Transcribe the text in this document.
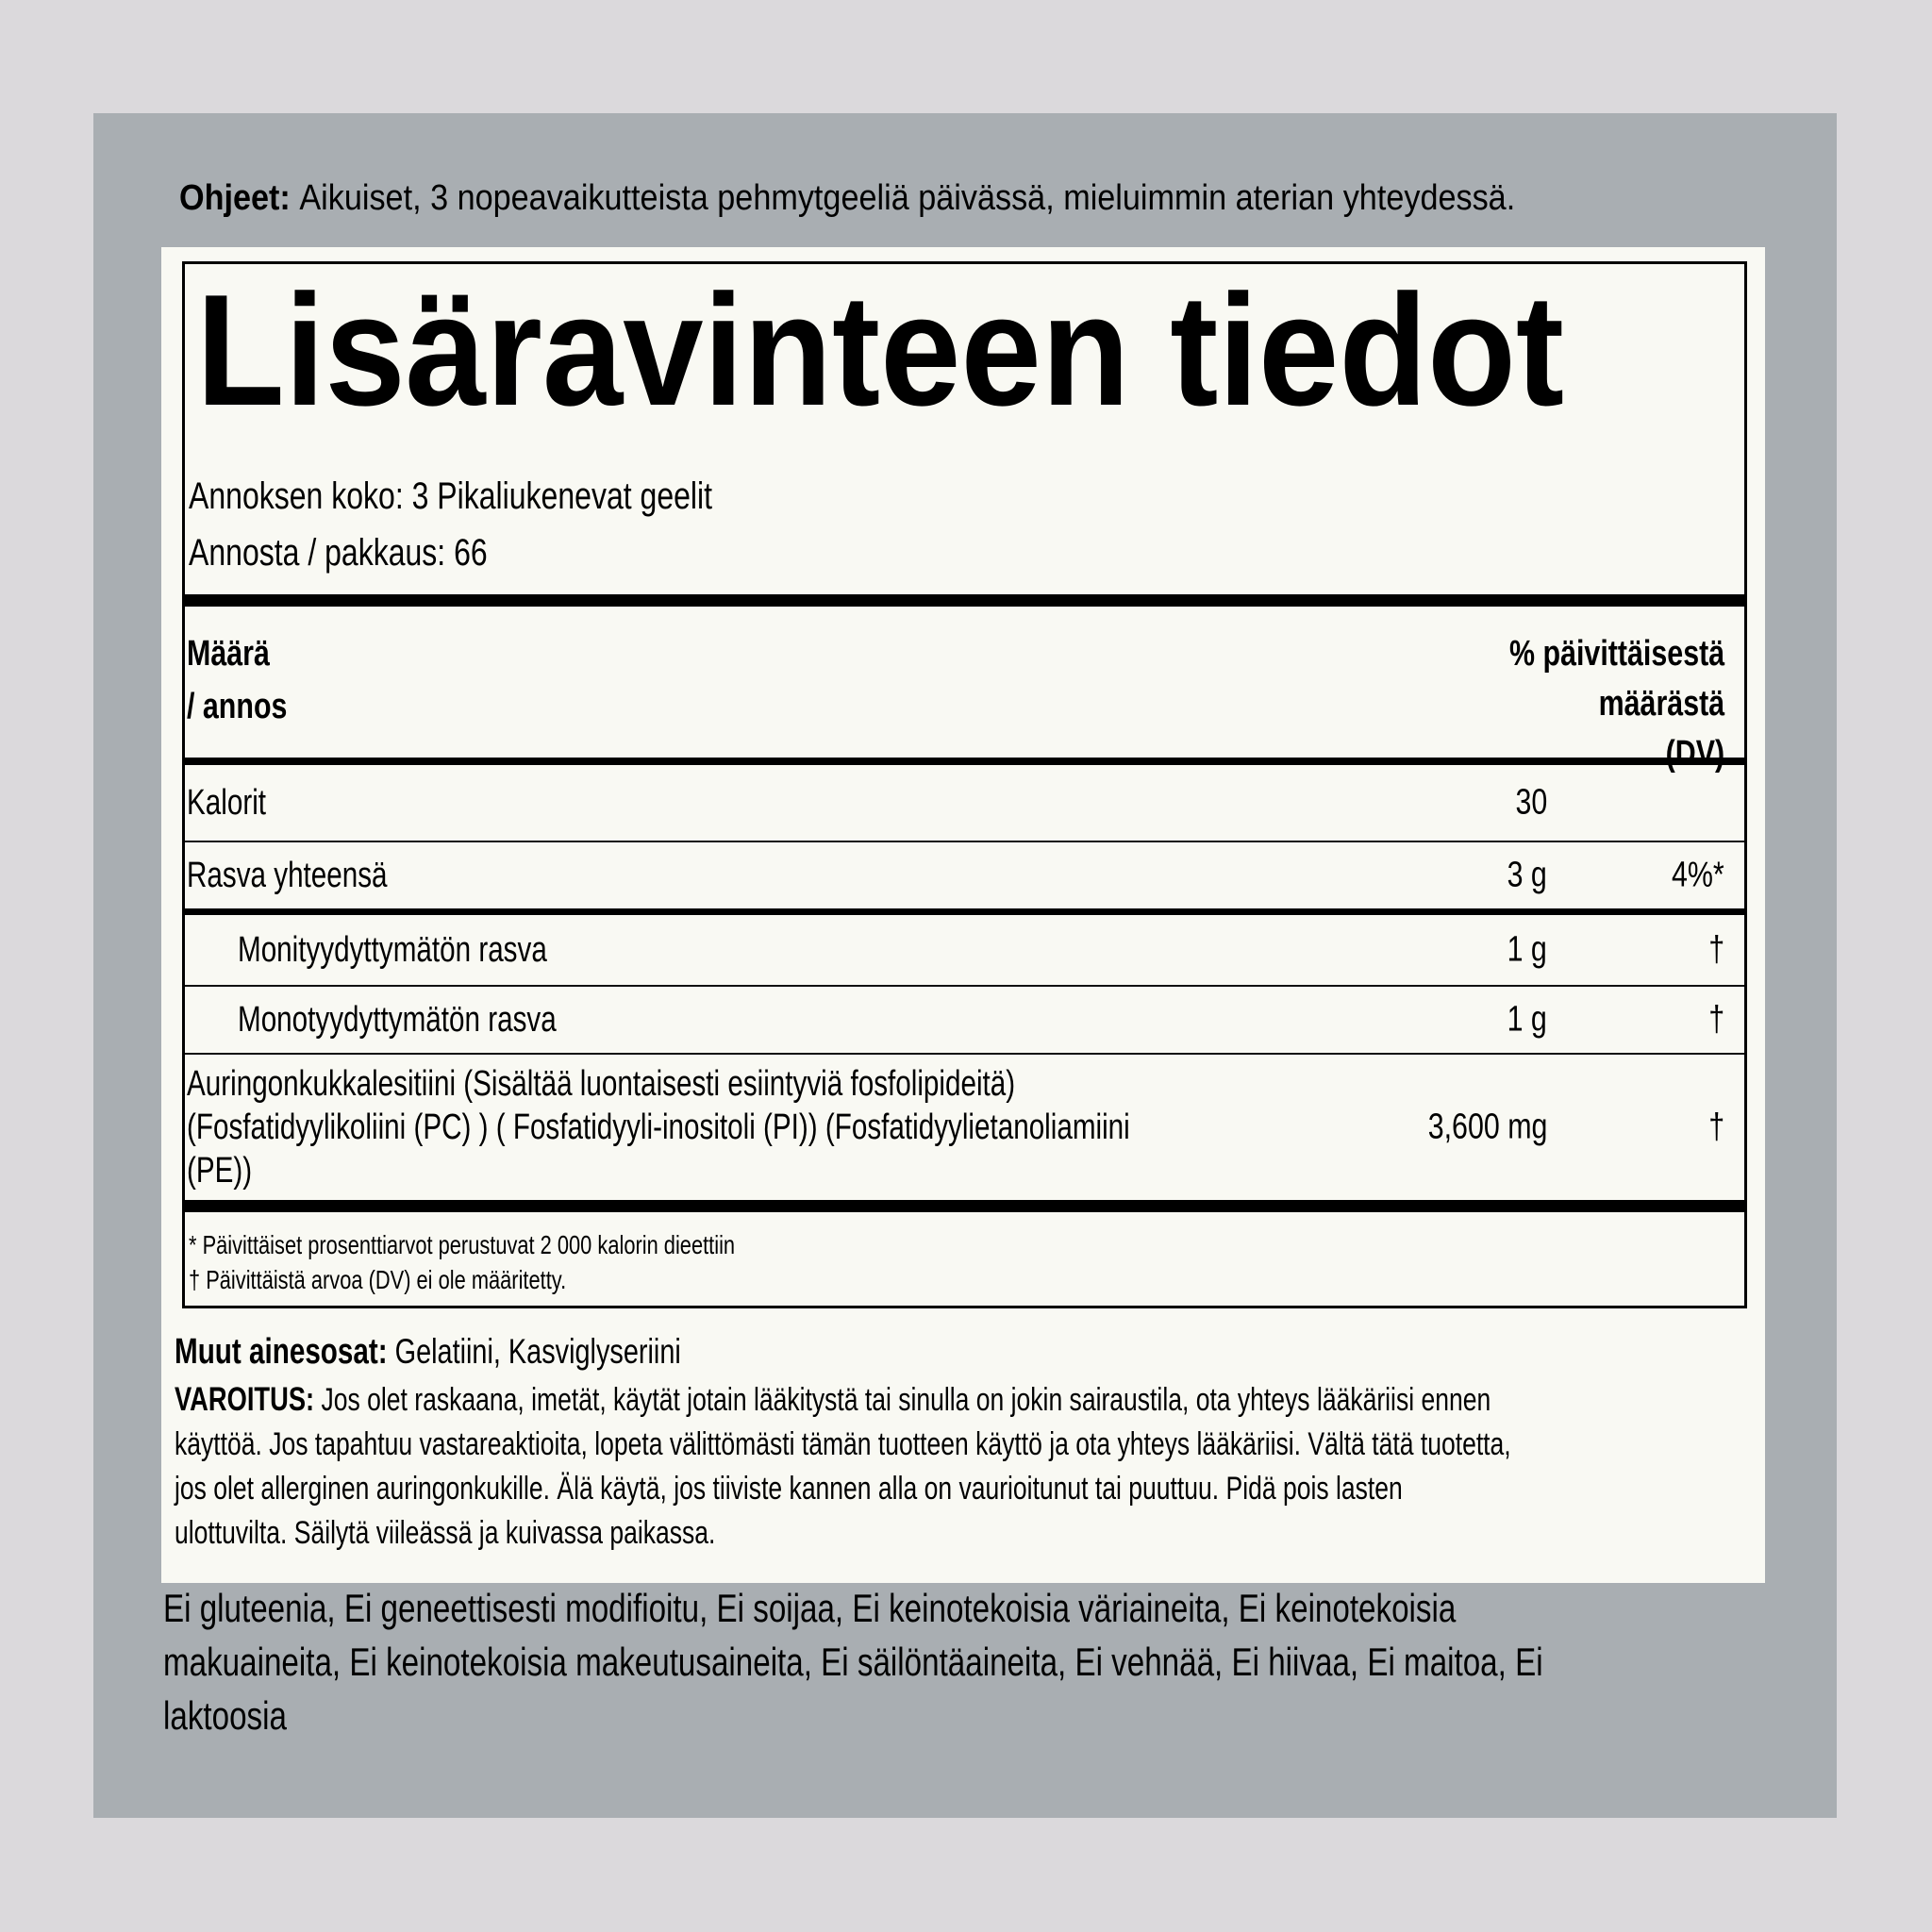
Ohjeet: Aikuiset, 3 nopeavaikutteista pehmytgeeliä päivässä, mieluimmin aterian yhteydessä.
Lisäravinteen tiedot
Annoksen koko: 3 Pikaliukenevat geelit
Annosta / pakkaus: 66
Määrä
/ annos
% päivittäisestä
määrästä
(DV)
Kalorit	30
Rasva yhteensä	3 g	4%*
Monityydyttymätön rasva	1 g	†
Monotyydyttymätön rasva	1 g	†
Auringonkukkalesitiini (Sisältää luontaisesti esiintyviä fosfolipideitä)
(Fosfatidyylikoliini (PC) ) ( Fosfatidyyli-inositoli (PI)) (Fosfatidyylietanoliamiini
(PE))
3,600 mg	†
* Päivittäiset prosenttiarvot perustuvat 2 000 kalorin dieettiin
† Päivittäistä arvoa (DV) ei ole määritetty.
Muut ainesosat: Gelatiini, Kasviglyseriini
VAROITUS: Jos olet raskaana, imetät, käytät jotain lääkitystä tai sinulla on jokin sairaustila, ota yhteys lääkäriisi ennen käyttöä. Jos tapahtuu vastareaktioita, lopeta välittömästi tämän tuotteen käyttö ja ota yhteys lääkäriisi. Vältä tätä tuotetta, jos olet allerginen auringonkukille. Älä käytä, jos tiiviste kannen alla on vaurioitunut tai puuttuu. Pidä pois lasten ulottuvilta. Säilytä viileässä ja kuivassa paikassa.
Ei gluteenia, Ei geneettisesti modifioitu, Ei soijaa, Ei keinotekoisia väriaineita, Ei keinotekoisia
makuaineita, Ei keinotekoisia makeutusaineita, Ei säilöntäaineita, Ei vehnää, Ei hiivaa, Ei maitoa, Ei
laktoosia
